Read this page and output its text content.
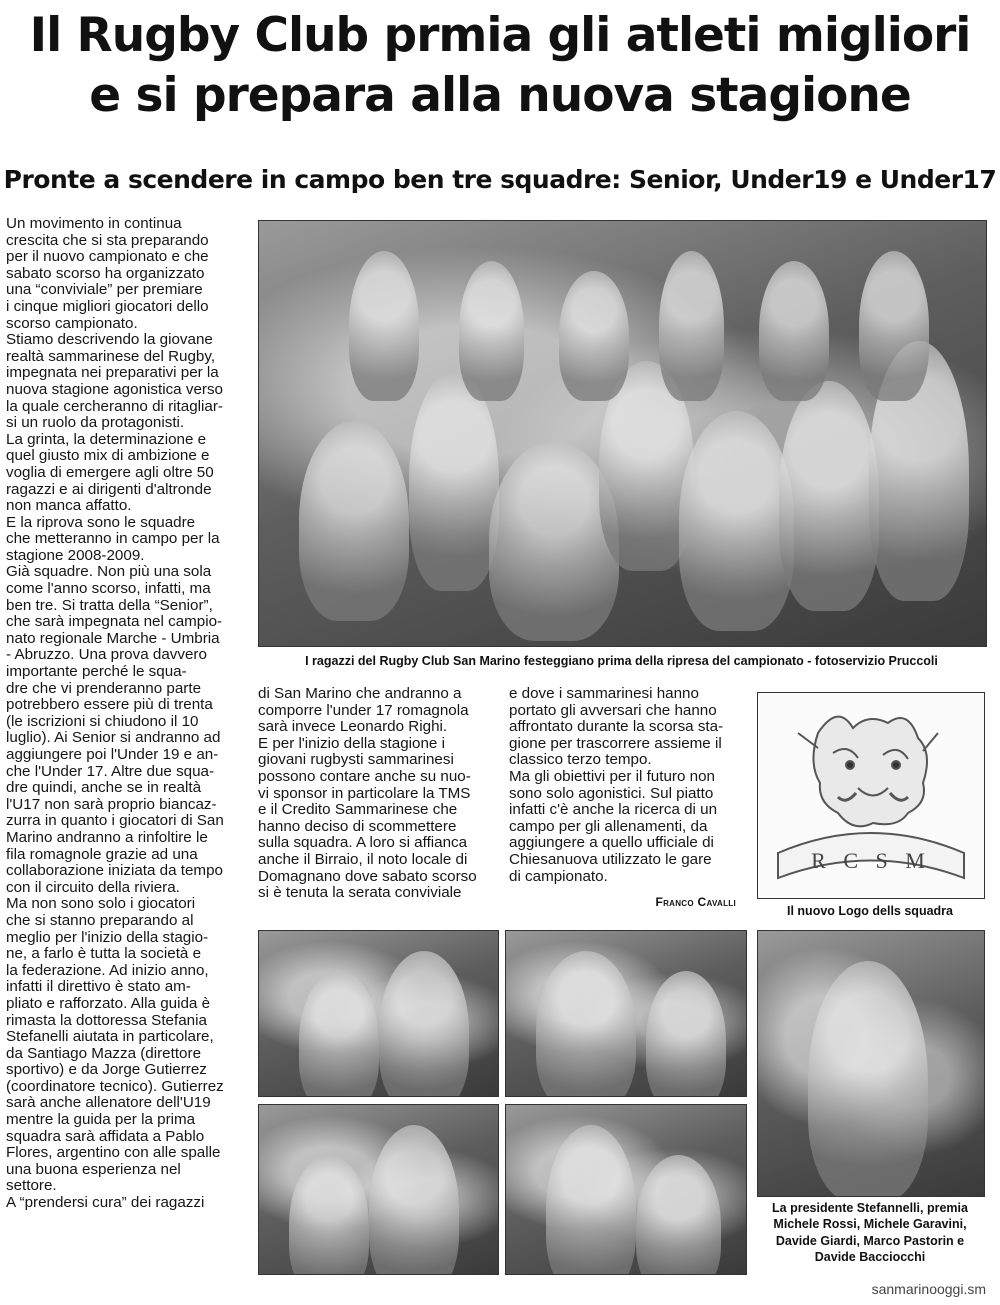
Il Rugby Club prmia gli atleti migliori
e si prepara alla nuova stagione
Pronte a scendere in campo ben tre squadre: Senior, Under19 e Under17
Un movimento in continua
crescita che si sta preparando
per il nuovo campionato e che
sabato scorso ha organizzato
una “conviviale” per premiare
i cinque migliori giocatori dello
scorso campionato.
Stiamo descrivendo la giovane
realtà sammarinese del Rugby,
impegnata nei preparativi per la
nuova stagione agonistica verso
la quale cercheranno di ritagliar-
si un ruolo da protagonisti.
La grinta, la determinazione e
quel giusto mix di ambizione e
voglia di emergere agli oltre 50
ragazzi e ai dirigenti d'altronde
non manca affatto.
E la riprova sono le squadre
che metteranno in campo per la
stagione 2008-2009.
Già squadre. Non più una sola
come l'anno scorso, infatti, ma
ben tre. Si tratta della “Senior”,
che sarà impegnata nel campio-
nato regionale Marche - Umbria
- Abruzzo. Una prova davvero
importante perché le squa-
dre che vi prenderanno parte
potrebbero essere più di trenta
(le iscrizioni si chiudono il 10
luglio). Ai Senior si andranno ad
aggiungere poi l'Under 19 e an-
che l'Under 17. Altre due squa-
dre quindi, anche se in realtà
l'U17 non sarà proprio biancaz-
zurra in quanto i giocatori di San
Marino andranno a rinfoltire le
fila romagnole grazie ad una
collaborazione iniziata da tempo
con il circuito della riviera.
Ma non sono solo i giocatori
che si stanno preparando al
meglio per l'inizio della stagio-
ne, a farlo è tutta la società e
la federazione. Ad inizio anno,
infatti il direttivo è stato am-
pliato e rafforzato. Alla guida è
rimasta la dottoressa Stefania
Stefanelli aiutata in particolare,
da Santiago Mazza (direttore
sportivo) e da Jorge Gutierrez
(coordinatore tecnico). Gutierrez
sarà anche allenatore dell'U19
mentre la guida per la prima
squadra sarà affidata a Pablo
Flores, argentino con alle spalle
una buona esperienza nel
settore.
A “prendersi cura” dei ragazzi
I ragazzi del Rugby Club San Marino festeggiano prima della ripresa del campionato - fotoservizio Pruccoli
di San Marino che andranno a
comporre l'under 17 romagnola
sarà invece Leonardo Righi.
E per l'inizio della stagione i
giovani rugbysti sammarinesi
possono contare anche su nuo-
vi sponsor in particolare la TMS
e il Credito Sammarinese che
hanno deciso di scommettere
sulla squadra. A loro si affianca
anche il Birraio, il noto locale di
Domagnano dove sabato scorso
si è tenuta la serata conviviale
e dove i sammarinesi hanno
portato gli avversari che hanno
affrontato durante la scorsa sta-
gione per trascorrere assieme il
classico terzo tempo.
Ma gli obiettivi per il futuro non
sono solo agonistici. Sul piatto
infatti c'è anche la ricerca di un
campo per gli allenamenti, da
aggiungere a quello ufficiale di
Chiesanuova utilizzato le gare
di campionato.
Franco Cavalli
R C S M
Il nuovo Logo dells squadra
La presidente Stefannelli, premia
Michele Rossi, Michele Garavini,
Davide Giardi, Marco Pastorin e
Davide Bacciocchi
sanmarinooggi.sm
